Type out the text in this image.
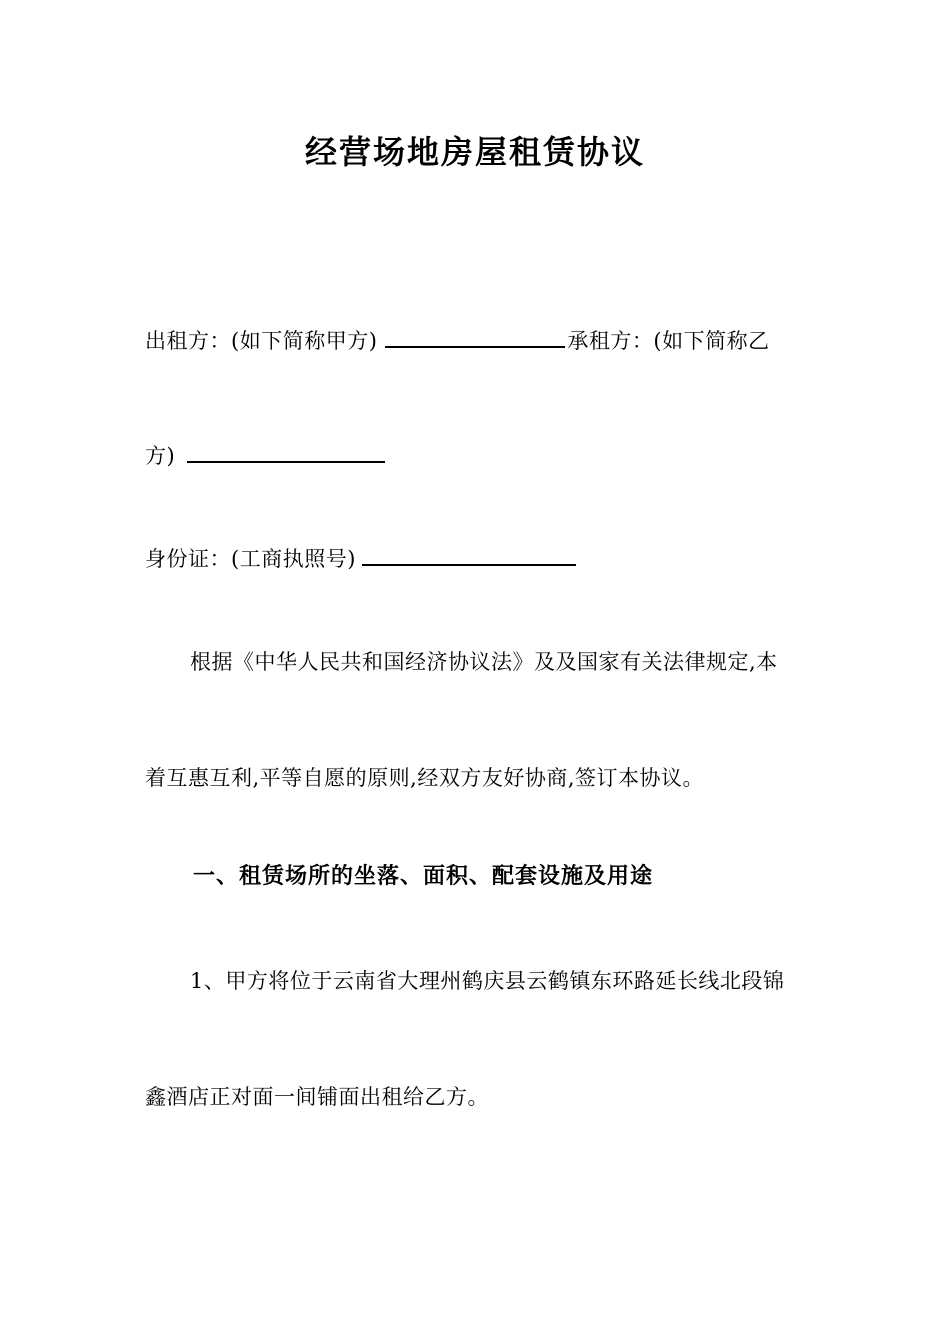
经营场地房屋租赁协议
出租方：(如下简称甲方)	承租方：(如下简称乙
方)
身份证：(工商执照号)
根据《中华人民共和国经济协议法》及及国家有关法律规定,本
着互惠互利,平等自愿的原则,经双方友好协商,签订本协议。
一、租赁场所的坐落、面积、配套设施及用途
1、甲方将位于云南省大理州鹤庆县云鹤镇东环路延长线北段锦
鑫酒店正对面一间铺面出租给乙方。
